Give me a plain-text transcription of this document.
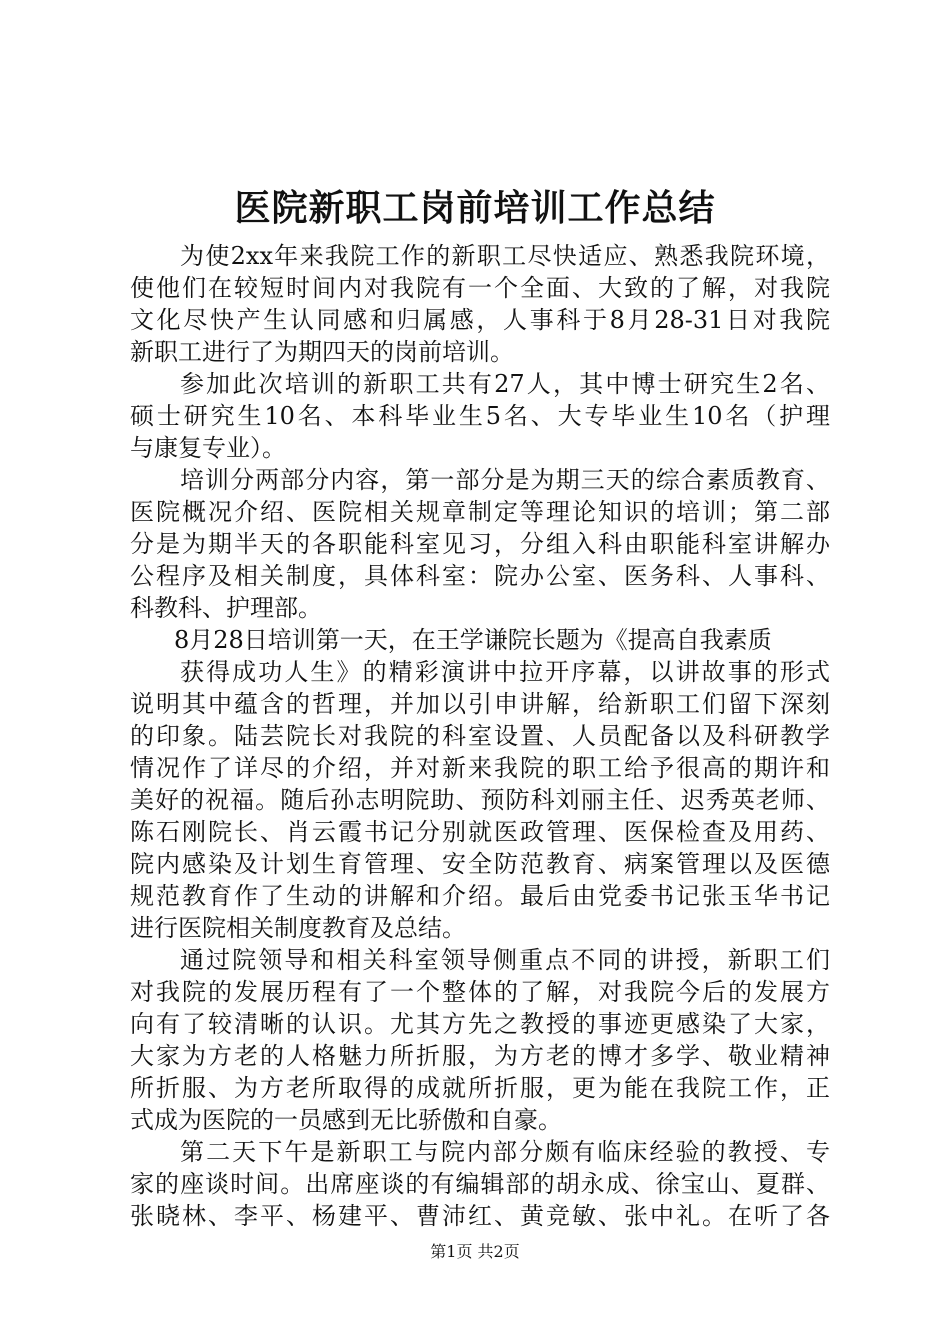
医院新职工岗前培训工作总结

为使2xx年来我院工作的新职工尽快适应、熟悉我院环境，

使他们在较短时间内对我院有一个全面、大致的了解，对我院

文化尽快产生认同感和归属感，人事科于8月28-31日对我院

新职工进行了为期四天的岗前培训。

参加此次培训的新职工共有27人，其中博士研究生2名、

硕士研究生10名、本科毕业生5名、大专毕业生10名（护理

与康复专业）。

培训分两部分内容，第一部分是为期三天的综合素质教育、

医院概况介绍、医院相关规章制定等理论知识的培训；第二部

分是为期半天的各职能科室见习，分组入科由职能科室讲解办

公程序及相关制度，具体科室：院办公室、医务科、人事科、

科教科、护理部。

8月28日培训第一天，在王学谦院长题为《提高自我素质

获得成功人生》的精彩演讲中拉开序幕，以讲故事的形式

说明其中蕴含的哲理，并加以引申讲解，给新职工们留下深刻

的印象。陆芸院长对我院的科室设置、人员配备以及科研教学

情况作了详尽的介绍，并对新来我院的职工给予很高的期许和

美好的祝福。随后孙志明院助、预防科刘丽主任、迟秀英老师、

陈石刚院长、肖云霞书记分别就医政管理、医保检查及用药、

院内感染及计划生育管理、安全防范教育、病案管理以及医德

规范教育作了生动的讲解和介绍。最后由党委书记张玉华书记

进行医院相关制度教育及总结。

通过院领导和相关科室领导侧重点不同的讲授，新职工们

对我院的发展历程有了一个整体的了解，对我院今后的发展方

向有了较清晰的认识。尤其方先之教授的事迹更感染了大家，

大家为方老的人格魅力所折服，为方老的博才多学、敬业精神

所折服、为方老所取得的成就所折服，更为能在我院工作，正

式成为医院的一员感到无比骄傲和自豪。

第二天下午是新职工与院内部分颇有临床经验的教授、专

家的座谈时间。出席座谈的有编辑部的胡永成、徐宝山、夏群、

张晓林、李平、杨建平、曹沛红、黄竞敏、张中礼。在听了各

第1页 共2页
